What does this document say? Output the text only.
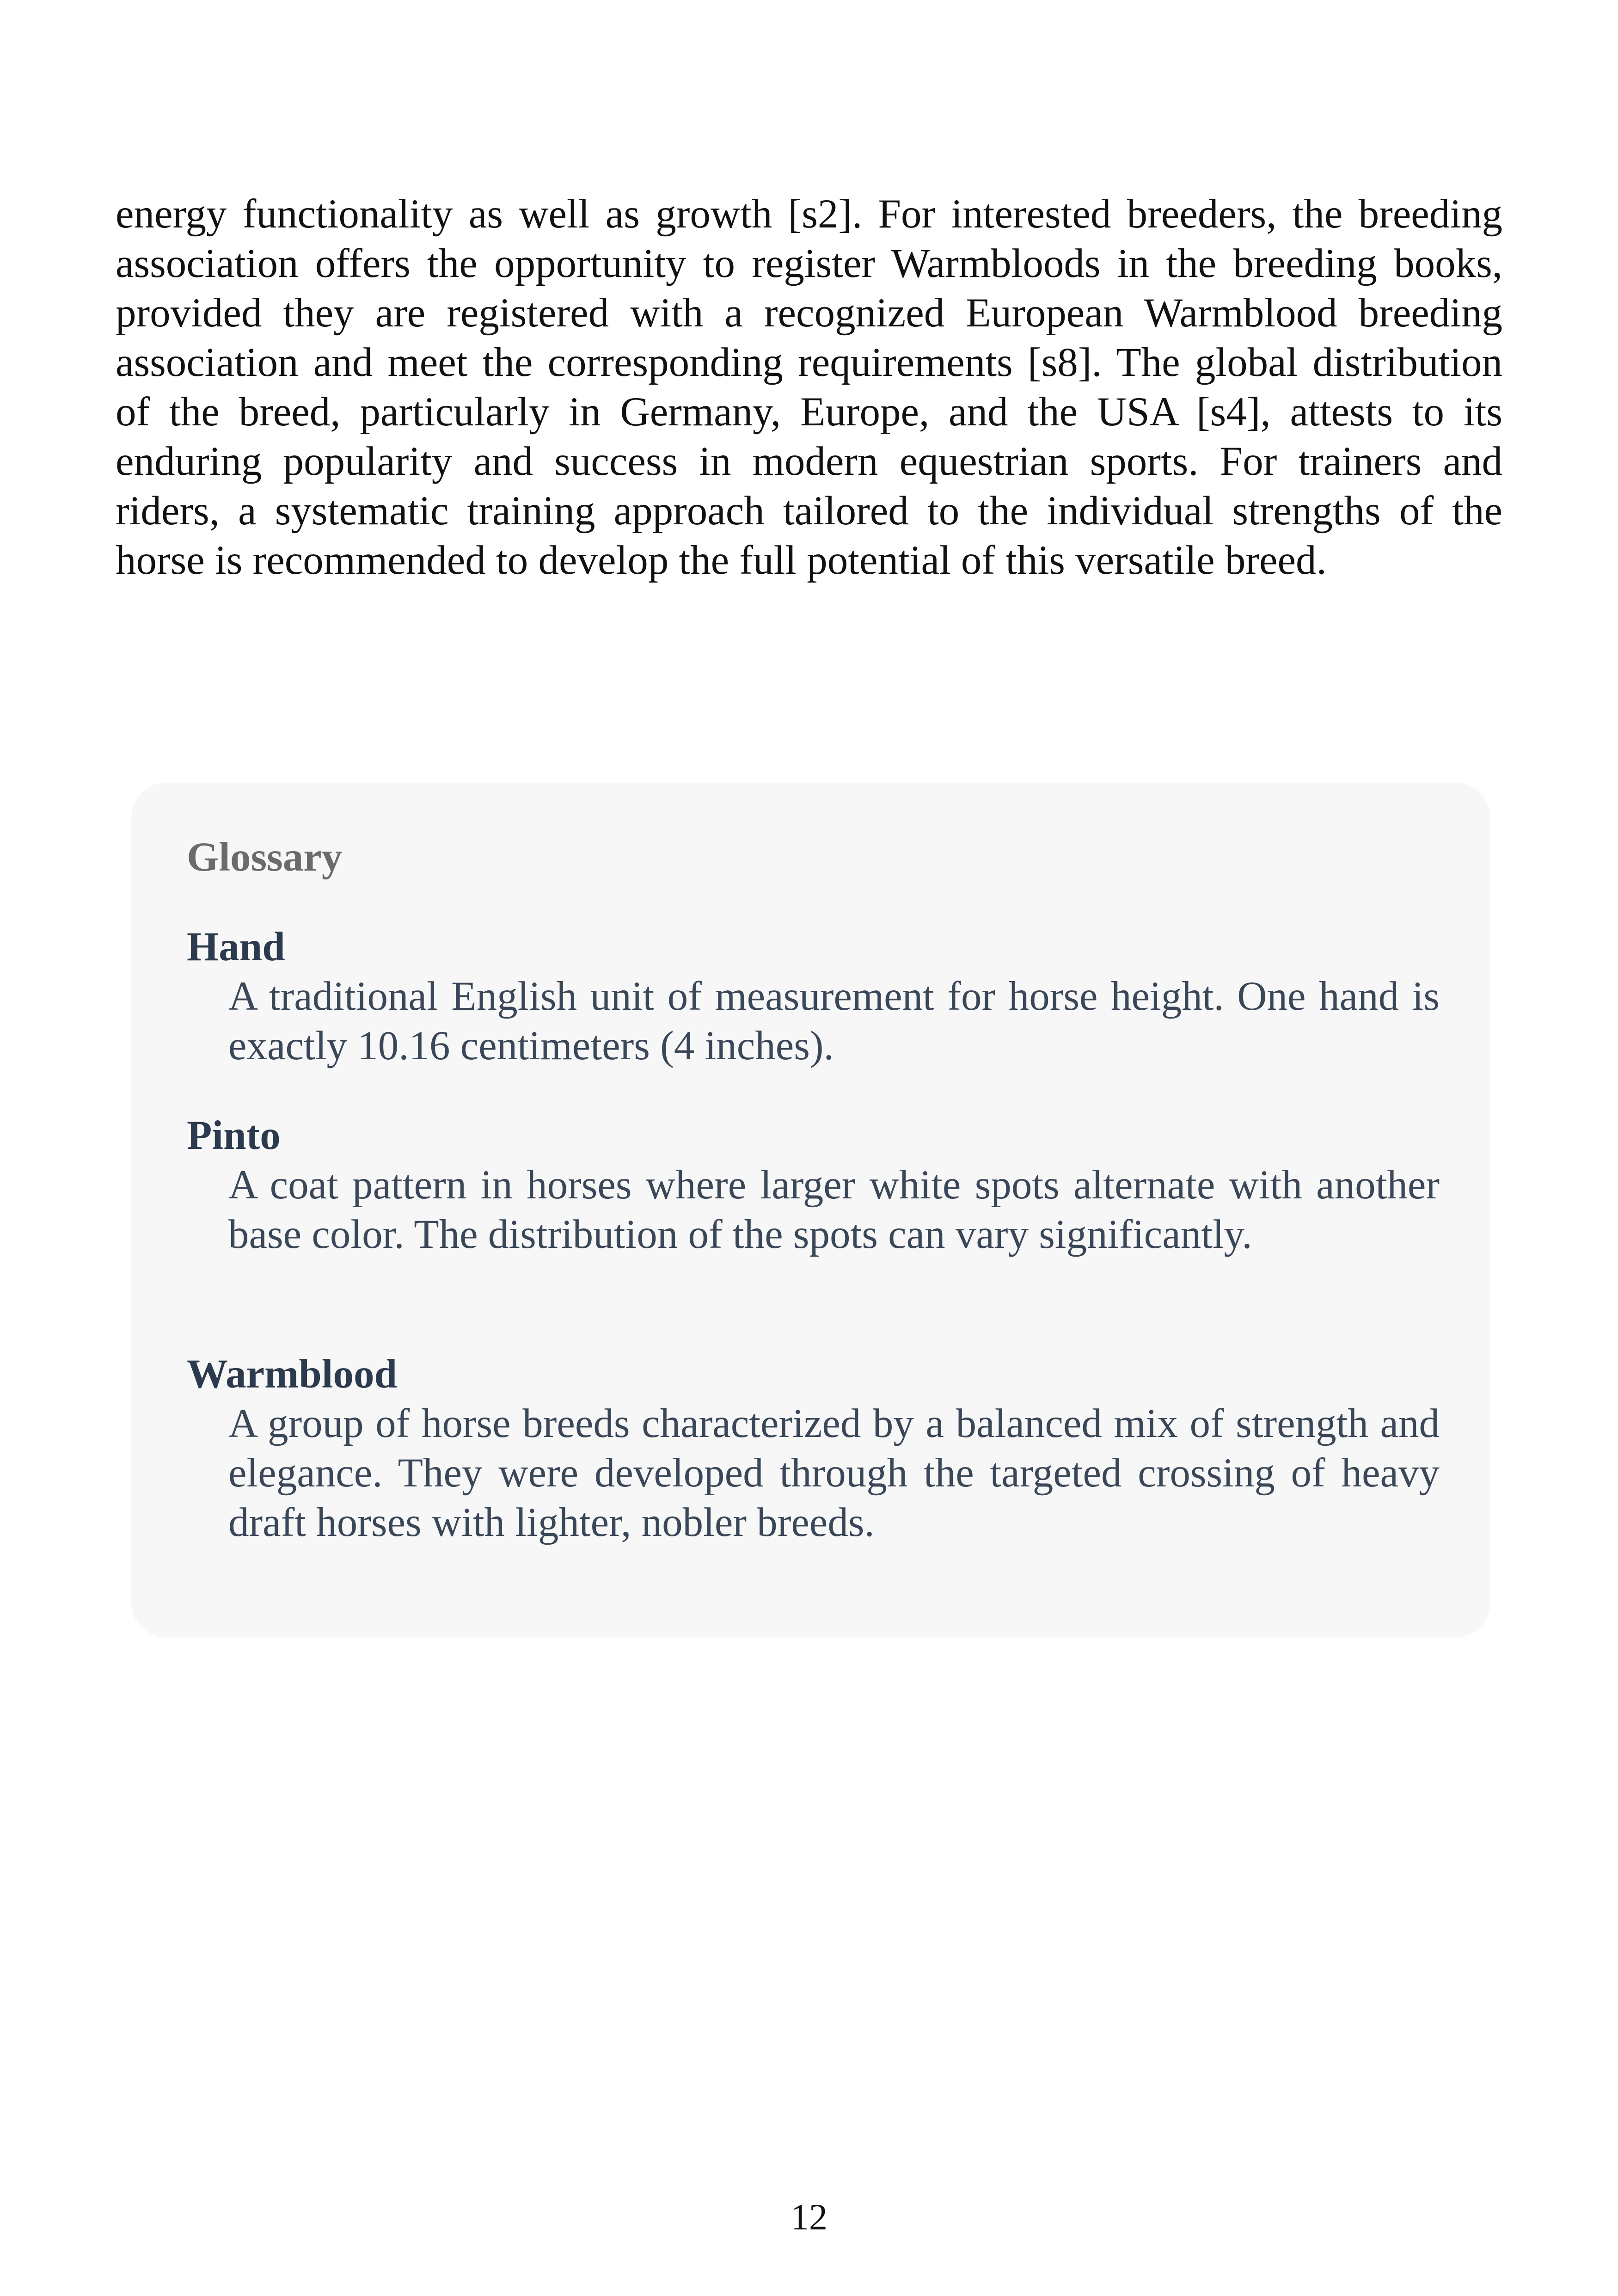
energy functionality as well as growth [s2]. For interested breeders, the breeding association offers the opportunity to register Warmbloods in the breeding books, provided they are registered with a recognized European Warmblood breeding association and meet the corresponding requirements [s8]. The global distribution of the breed, particularly in Germany, Europe, and the USA [s4], attests to its enduring popularity and success in modern equestrian sports. For trainers and riders, a systematic training approach tailored to the individual strengths of the horse is recommended to develop the full potential of this versatile breed.

Glossary

Hand

A traditional English unit of measurement for horse height. One hand is exactly 10.16 centimeters (4 inches).

Pinto

A coat pattern in horses where larger white spots alternate with another base color. The distribution of the spots can vary significantly.

Warmblood

A group of horse breeds characterized by a balanced mix of strength and elegance. They were developed through the targeted crossing of heavy draft horses with lighter, nobler breeds.

12
